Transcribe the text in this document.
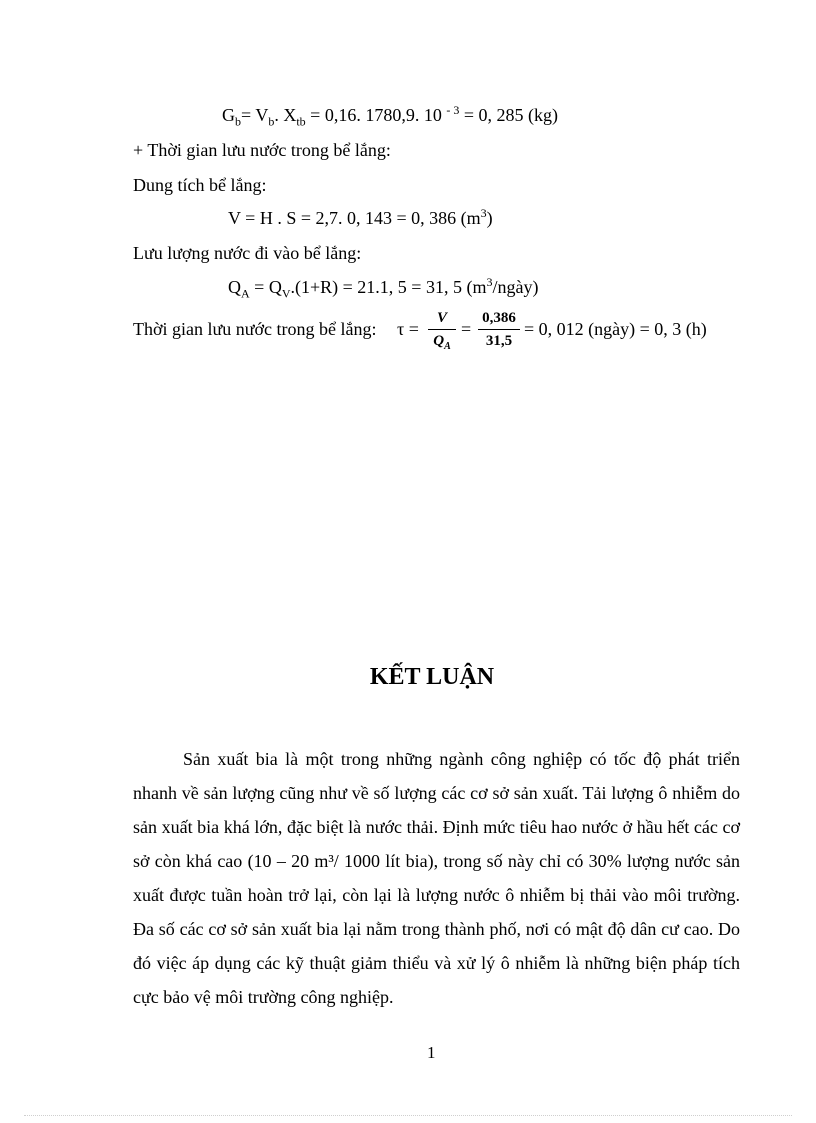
$G_b= V_b$. $X_{tb} = 0,16$. 1780,9. 10 $^{- 3}$ = 0, 285 (kg)
+ Thời gian lưu nước trong bể lắng:
Dung tích bể lắng:
V = H . S = 2,7. 0, 143 = 0, 386 $(m^3)$
Lưu lượng nước đi vào bể lắng:
$Q_A = Q_V.(1+R) = 21.1$, 5 = 31, 5 $(m^3/ngày)$
Thời gian lưu nước trong bể lắng: τ =
V
$Q_A$
=
0,386
31,5
= 0, 012 (ngày) = 0, 3 (h)
KẾT LUẬN
Sản xuất bia là một trong những ngành công nghiệp có tốc độ phát triển nhanh về sản lượng cũng như về số lượng các cơ sở sản xuất. Tải lượng ô nhiễm do sản xuất bia khá lớn, đặc biệt là nước thải. Định mức tiêu hao nước ở hầu hết các cơ sở còn khá cao (10 – 20 m³/ 1000 lít bia), trong số này chỉ có 30% lượng nước sản xuất được tuần hoàn trở lại, còn lại là lượng nước ô nhiễm bị thải vào môi trường. Đa số các cơ sở sản xuất bia lại nằm trong thành phố, nơi có mật độ dân cư cao. Do đó việc áp dụng các kỹ thuật giảm thiểu và xử lý ô nhiễm là những biện pháp tích cực bảo vệ môi trường công nghiệp.
1
